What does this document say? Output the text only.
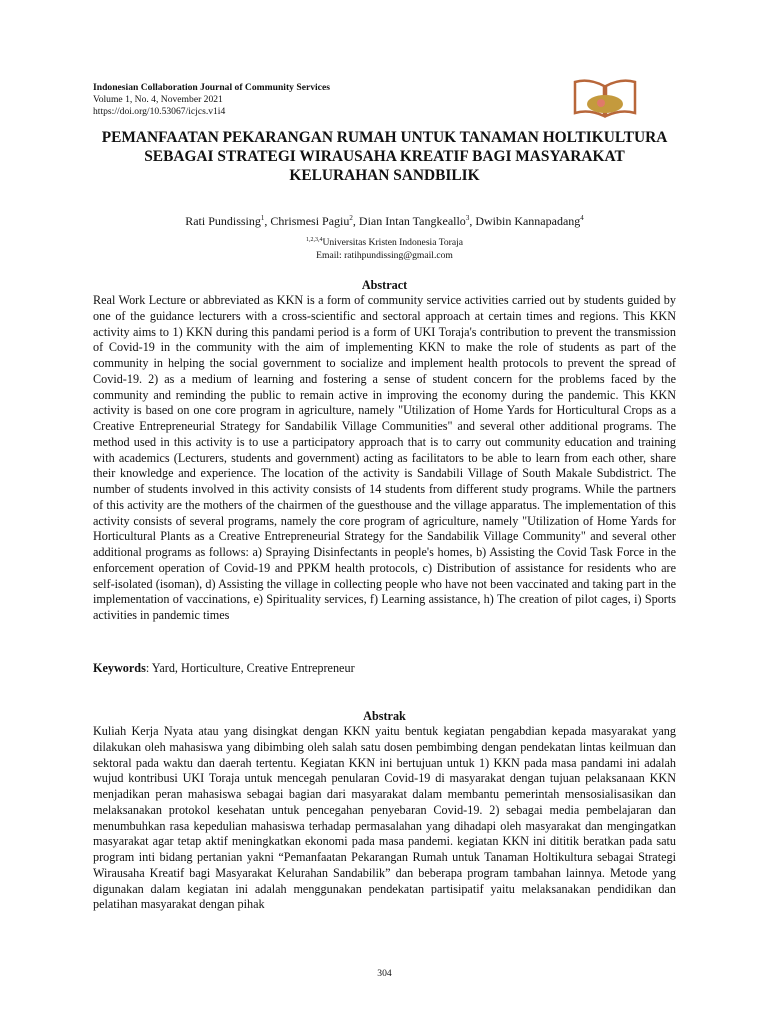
Indonesian Collaboration Journal of Community Services
Volume 1, No. 4, November 2021
https://doi.org/10.53067/icjcs.v1i4
PEMANFAATAN PEKARANGAN RUMAH UNTUK TANAMAN HOLTIKULTURA SEBAGAI STRATEGI WIRAUSAHA KREATIF BAGI MASYARAKAT KELURAHAN SANDBILIK
Rati Pundissing$^1$, Chrismesi Pagiu$^2$, Dian Intan Tangkeallo$^3$, Dwibin Kannapadang$^4$
$^{1,2,3,4}$Universitas Kristen Indonesia Toraja
Email: ratihpundissing@gmail.com
Abstract

Real Work Lecture or abbreviated as KKN is a form of community service activities carried out by students guided by one of the guidance lecturers with a cross-scientific and sectoral approach at certain times and regions. This KKN activity aims to 1) KKN during this pandami period is a form of UKI Toraja's contribution to prevent the transmission of Covid-19 in the community with the aim of implementing KKN to make the role of students as part of the community in helping the social government to socialize and implement health protocols to prevent the spread of Covid-19. 2) as a medium of learning and fostering a sense of student concern for the problems faced by the community and reminding the public to remain active in improving the economy during the pandemic. This KKN activity is based on one core program in agriculture, namely "Utilization of Home Yards for Horticultural Crops as a Creative Entrepreneurial Strategy for Sandabilik Village Communities" and several other additional programs. The method used in this activity is to use a participatory approach that is to carry out community education and training with academics (Lecturers, students and government) acting as facilitators to be able to learn from each other, share their knowledge and experience. The location of the activity is Sandabili Village of South Makale Subdistrict. The number of students involved in this activity consists of 14 students from different study programs. While the partners of this activity are the mothers of the chairmen of the guesthouse and the village apparatus. The implementation of this activity consists of several programs, namely the core program of agriculture, namely "Utilization of Home Yards for Horticultural Plants as a Creative Entrepreneurial Strategy for the Sandabilik Village Community" and several other additional programs as follows: a) Spraying Disinfectants in people's homes, b) Assisting the Covid Task Force in the enforcement operation of Covid-19 and PPKM health protocols, c) Distribution of assistance for residents who are self-isolated (isoman), d) Assisting the village in collecting people who have not been vaccinated and taking part in the implementation of vaccinations, e) Spirituality services, f) Learning assistance, h) The creation of pilot cages, i) Sports activities in pandemic times

Keywords: Yard, Horticulture, Creative Entrepreneur
Abstrak

Kuliah Kerja Nyata atau yang disingkat dengan KKN yaitu bentuk kegiatan pengabdian kepada masyarakat yang dilakukan oleh mahasiswa yang dibimbing oleh salah satu dosen pembimbing dengan pendekatan lintas keilmuan dan sektoral pada waktu dan daerah tertentu. Kegiatan KKN ini bertujuan untuk 1) KKN pada masa pandami ini adalah wujud kontribusi UKI Toraja untuk mencegah penularan Covid-19 di masyarakat dengan tujuan pelaksanaan KKN menjadikan peran mahasiswa sebagai bagian dari masyarakat dalam membantu pemerintah mensosialisasikan dan melaksanakan protokol kesehatan untuk pencegahan penyebaran Covid-19. 2) sebagai media pembelajaran dan menumbuhkan rasa kepedulian mahasiswa terhadap permasalahan yang dihadapi oleh masyarakat dan mengingatkan masyarakat agar tetap aktif meningkatkan ekonomi pada masa pandemi. kegiatan KKN ini dititik beratkan pada satu program inti bidang pertanian yakni “Pemanfaatan Pekarangan Rumah untuk Tanaman Holtikultura sebagai Strategi Wirausaha Kreatif bagi Masyarakat Kelurahan Sandabilik” dan beberapa program tambahan lainnya. Metode yang digunakan dalam kegiatan ini adalah menggunakan pendekatan partisipatif yaitu melaksanakan pendidikan dan pelatihan masyarakat dengan pihak

304
